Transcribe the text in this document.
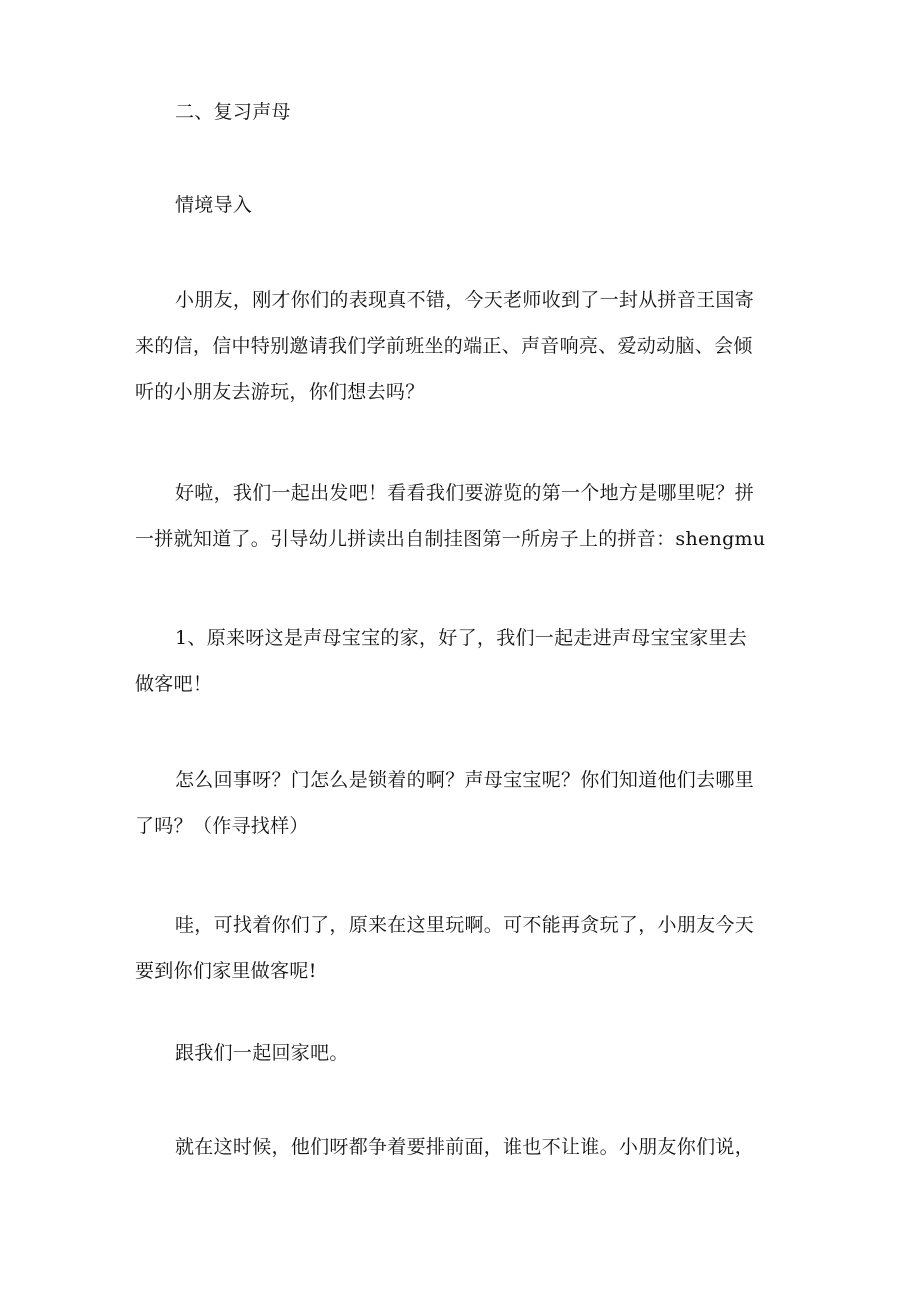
二、复习声母

情境导入

小朋友，刚才你们的表现真不错，今天老师收到了一封从拼音王国寄
来的信，信中特别邀请我们学前班坐的端正、声音响亮、爱动动脑、会倾
听的小朋友去游玩，你们想去吗？

好啦，我们一起出发吧！看看我们要游览的第一个地方是哪里呢？拼
一拼就知道了。引导幼儿拼读出自制挂图第一所房子上的拼音：shengmu

1、原来呀这是声母宝宝的家，好了，我们一起走进声母宝宝家里去
做客吧！

怎么回事呀？门怎么是锁着的啊？声母宝宝呢？你们知道他们去哪里
了吗？（作寻找样）

哇，可找着你们了，原来在这里玩啊。可不能再贪玩了，小朋友今天
要到你们家里做客呢!

跟我们一起回家吧。

就在这时候，他们呀都争着要排前面，谁也不让谁。小朋友你们说，
